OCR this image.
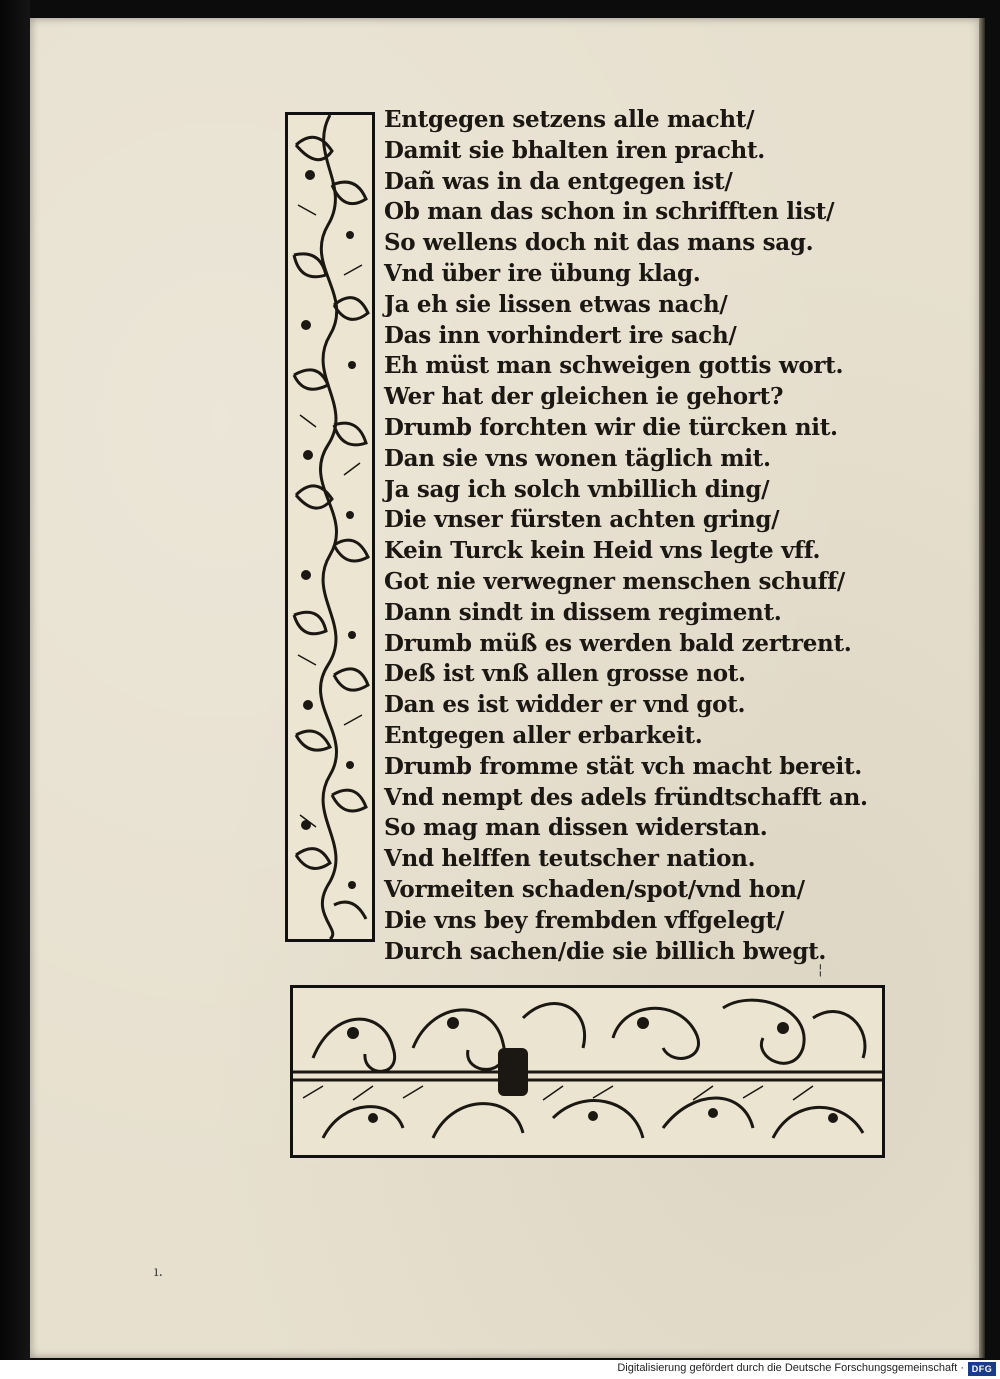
Entgegen setzens alle macht/
Damit sie bhalten iren pracht.
Dañ was in da entgegen ist/
Ob man das schon in schrifften list/
So wellens doch nit das mans sag.
Vnd über ire übung klag.
Ja eh sie lissen etwas nach/
Das inn vorhindert ire sach/
Eh müst man schweigen gottis wort.
Wer hat der gleichen ie gehort?
Drumb forchten wir die türcken nit.
Dan sie vns wonen täglich mit.
Ja sag ich solch vnbillich ding/
Die vnser fürsten achten gring/
Kein Turck kein Heid vns legte vff.
Got nie verwegner menschen schuff/
Dann sindt in dissem regiment.
Drumb müß es werden bald zertrent.
Deß ist vnß allen grosse not.
Dan es ist widder er vnd got.
Entgegen aller erbarkeit.
Drumb fromme stät vch macht bereit.
Vnd nempt des adels fründtschafft an.
So mag man dissen widerstan.
Vnd helffen teutscher nation.
Vormeiten schaden/spot/vnd hon/
Die vns bey frembden vffgelegt/
Durch sachen/die sie billich bwegt.
¦
ı.
Digitalisierung gefördert durch die Deutsche Forschungsgemeinschaft · DFG
